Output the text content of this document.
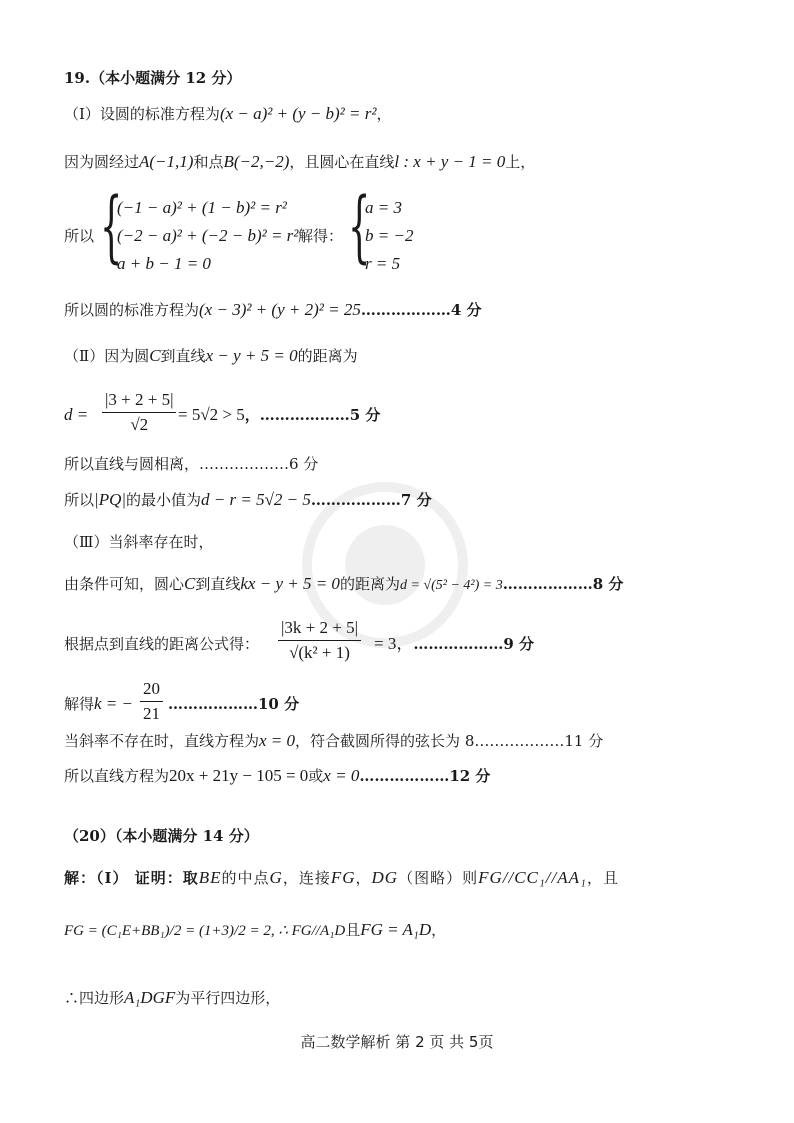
19.（本小题满分 12 分）
（Ⅰ）设圆的标准方程为(x − a)² + (y − b)² = r²，
因为圆经过A(−1,1)和点B(−2,−2)，且圆心在直线l : x + y − 1 = 0上，
所以 {
(−1 − a)² + (1 − b)² = r²
(−2 − a)² + (−2 − b)² = r²
a + b − 1 = 0
解得： {
a = 3
b = −2
r = 5
所以圆的标准方程为(x − 3)² + (y + 2)² = 25………………4 分
（Ⅱ）因为圆C到直线x − y + 5 = 0的距离为
$d = \frac{|3 + 2 + 5|}{√2} = 5√2 > 5$，………………5 分
所以直线与圆相离，………………6 分
所以|PQ|的最小值为d − r = 5√2 − 5………………7 分
（Ⅲ）当斜率存在时，
由条件可知，圆心C到直线kx − y + 5 = 0的距离为d = √(5² − 4²) = 3………………8 分
根据点到直线的距离公式得： $\frac{|3k + 2 + 5|}{\text{√(k² + 1)}} = 3$，………………9 分
解得k = − $\frac{20}{21}$ ………………10 分
当斜率不存在时，直线方程为x = 0，符合截圆所得的弦长为 8………………11 分
所以直线方程为20x + 21y − 105 = 0或x = 0………………12 分
（20）（本小题满分 14 分）
解：（Ⅰ） 证明：取BE的中点G，连接FG，DG（图略）则FG//CC₁//AA₁，且
FG = (C₁E+BB₁)/2 = (1+3)/2 = 2, ∴ FG//A₁D且FG = A₁D，
∴四边形A₁DGF为平行四边形，
高二数学解析 第 2 页 共 5页
